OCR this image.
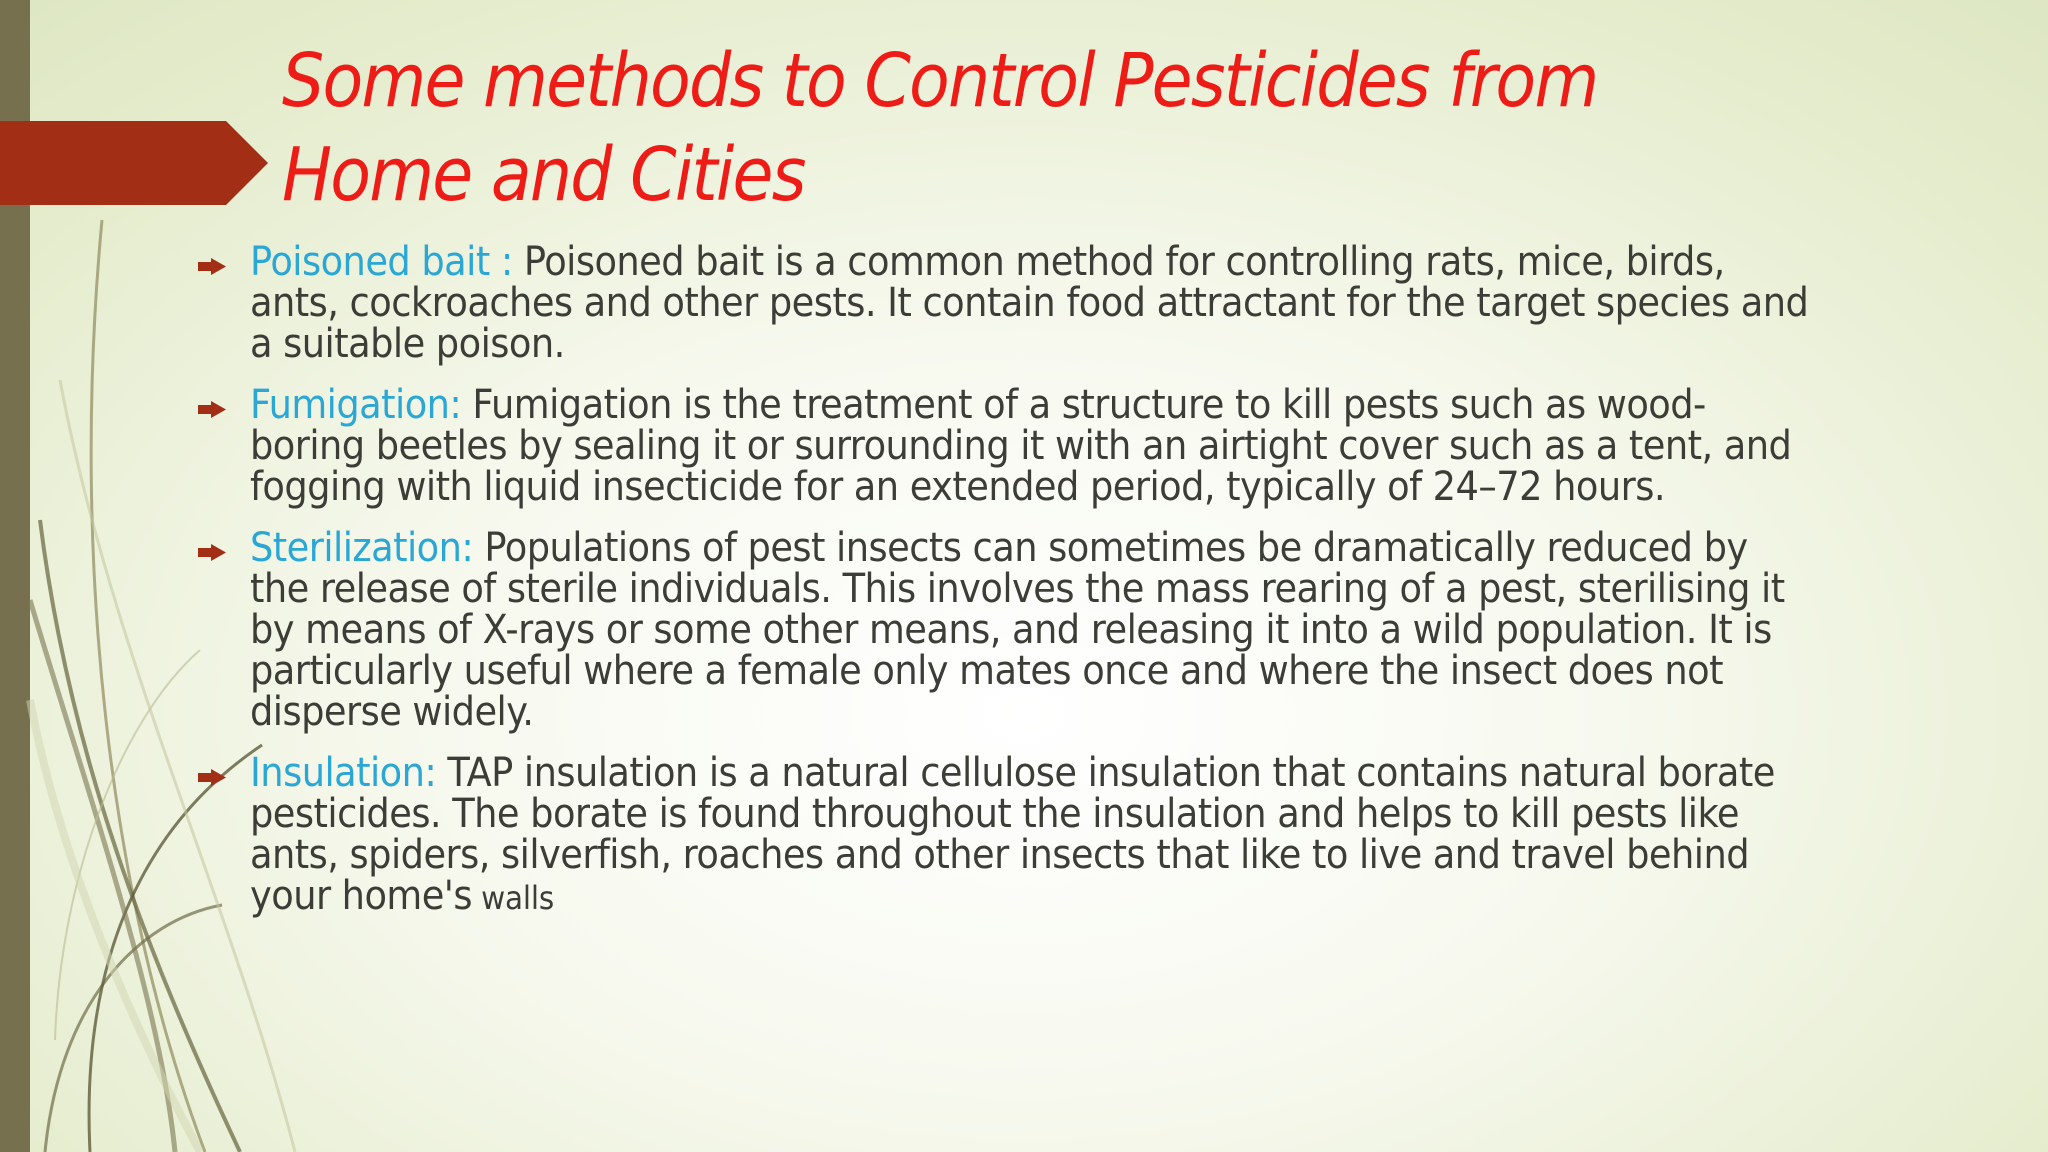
Some methods to Control Pesticides from Home and Cities
Poisoned bait : Poisoned bait is a common method for controlling rats, mice, birds, ants, cockroaches and other pests. It contain food attractant for the target species and a suitable poison.
Fumigation: Fumigation is the treatment of a structure to kill pests such as wood-boring beetles by sealing it or surrounding it with an airtight cover such as a tent, and fogging with liquid insecticide for an extended period, typically of 24–72 hours.
Sterilization: Populations of pest insects can sometimes be dramatically reduced by the release of sterile individuals. This involves the mass rearing of a pest, sterilising it by means of X-rays or some other means, and releasing it into a wild population. It is particularly useful where a female only mates once and where the insect does not disperse widely.
Insulation: TAP insulation is a natural cellulose insulation that contains natural borate pesticides. The borate is found throughout the insulation and helps to kill pests like ants, spiders, silverfish, roaches and other insects that like to live and travel behind your home's walls
